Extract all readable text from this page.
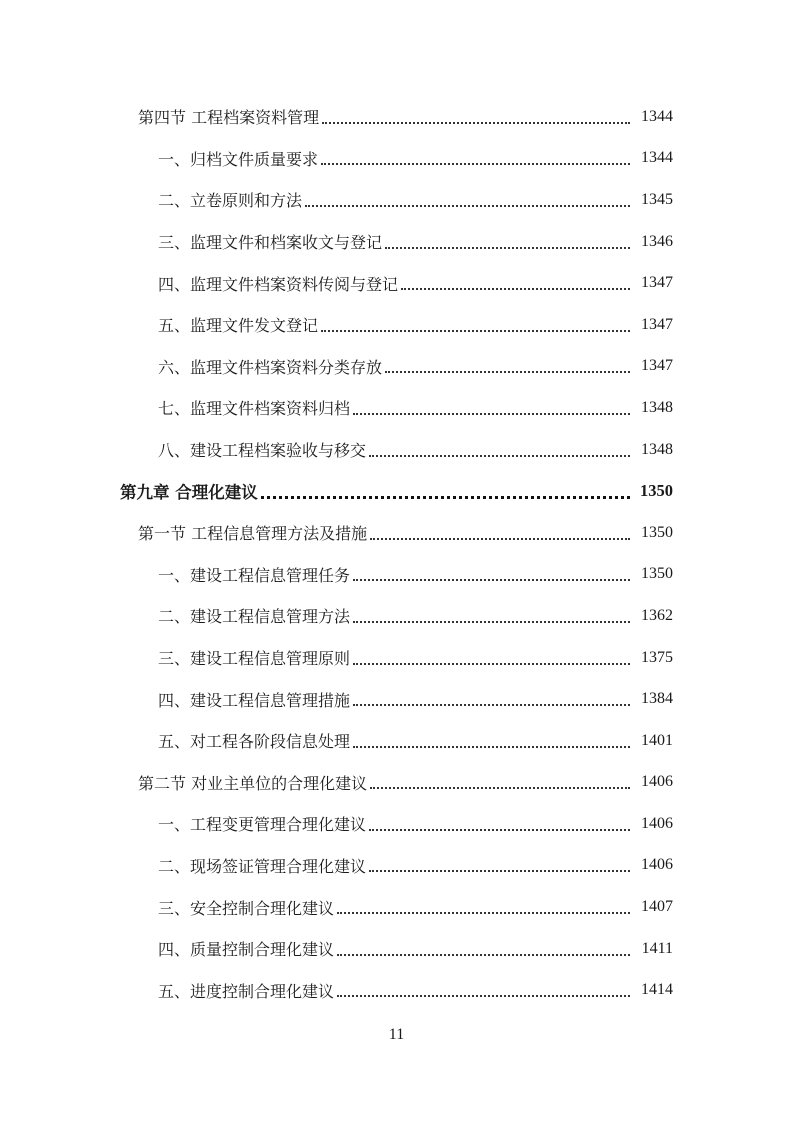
第四节 工程档案资料管理	1344
一、归档文件质量要求	1344
二、立卷原则和方法	1345
三、监理文件和档案收文与登记	1346
四、监理文件档案资料传阅与登记	1347
五、监理文件发文登记	1347
六、监理文件档案资料分类存放	1347
七、监理文件档案资料归档	1348
八、建设工程档案验收与移交	1348
第九章 合理化建议	1350
第一节 工程信息管理方法及措施	1350
一、建设工程信息管理任务	1350
二、建设工程信息管理方法	1362
三、建设工程信息管理原则	1375
四、建设工程信息管理措施	1384
五、对工程各阶段信息处理	1401
第二节 对业主单位的合理化建议	1406
一、工程变更管理合理化建议	1406
二、现场签证管理合理化建议	1406
三、安全控制合理化建议	1407
四、质量控制合理化建议	1411
五、进度控制合理化建议	1414
11
